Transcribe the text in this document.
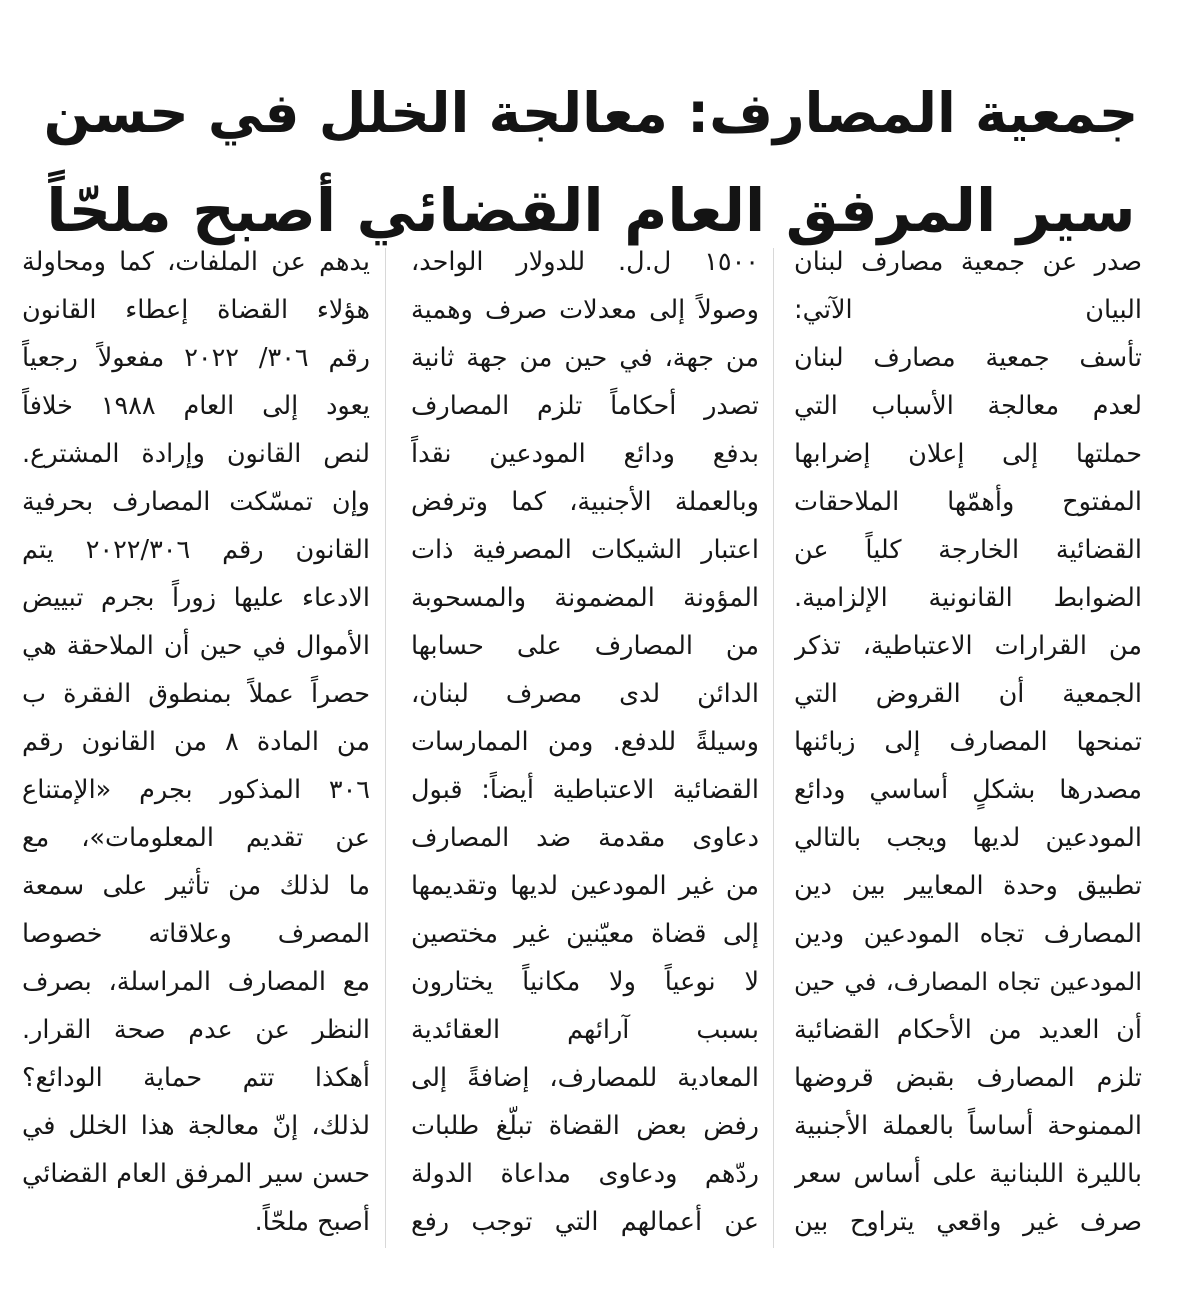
جمعية المصارف: معالجة الخلل في حسن
سير المرفق العام القضائي أصبح ملحّاً
صدر عن جمعية مصارف لبنان
البيان الآتي:
تأسف جمعية مصارف لبنان
لعدم معالجة الأسباب التي
حملتها إلى إعلان إضرابها
المفتوح وأهمّها الملاحقات
القضائية الخارجة كلياً عن
الضوابط القانونية الإلزامية.
من القرارات الاعتباطية، تذكر
الجمعية أن القروض التي
تمنحها المصارف إلى زبائنها
مصدرها بشكلٍ أساسي ودائع
المودعين لديها ويجب بالتالي
تطبيق وحدة المعايير بين دين
المصارف تجاه المودعين ودين
المودعين تجاه المصارف، في حين
أن العديد من الأحكام القضائية
تلزم المصارف بقبض قروضها
الممنوحة أساساً بالعملة الأجنبية
بالليرة اللبنانية على أساس سعر
صرف غير واقعي يتراوح بين
١٥٠٠ ل.ل. للدولار الواحد،
وصولاً إلى معدلات صرف وهمية
من جهة، في حين من جهة ثانية
تصدر أحكاماً تلزم المصارف
بدفع ودائع المودعين نقداً
وبالعملة الأجنبية، كما وترفض
اعتبار الشيكات المصرفية ذات
المؤونة المضمونة والمسحوبة
من المصارف على حسابها
الدائن لدى مصرف لبنان،
وسيلةً للدفع. ومن الممارسات
القضائية الاعتباطية أيضاً: قبول
دعاوى مقدمة ضد المصارف
من غير المودعين لديها وتقديمها
إلى قضاة معيّنين غير مختصين
لا نوعياً ولا مكانياً يختارون
بسبب آرائهم العقائدية
المعادية للمصارف، إضافةً إلى
رفض بعض القضاة تبلّغ طلبات
ردّهم ودعاوى مداعاة الدولة
عن أعمالهم التي توجب رفع
يدهم عن الملفات، كما ومحاولة
هؤلاء القضاة إعطاء القانون
رقم ٣٠٦/ ٢٠٢٢ مفعولاً رجعياً
يعود إلى العام ١٩٨٨ خلافاً
لنص القانون وإرادة المشترع.
وإن تمسّكت المصارف بحرفية
القانون رقم ٢٠٢٢/٣٠٦ يتم
الادعاء عليها زوراً بجرم تبييض
الأموال في حين أن الملاحقة هي
حصراً عملاً بمنطوق الفقرة ب
من المادة ٨ من القانون رقم
٣٠٦ المذكور بجرم «الإمتناع
عن تقديم المعلومات»، مع
ما لذلك من تأثير على سمعة
المصرف وعلاقاته خصوصا
مع المصارف المراسلة، بصرف
النظر عن عدم صحة القرار.
أهكذا تتم حماية الودائع؟
لذلك، إنّ معالجة هذا الخلل في
حسن سير المرفق العام القضائي
أصبح ملحّاً.
